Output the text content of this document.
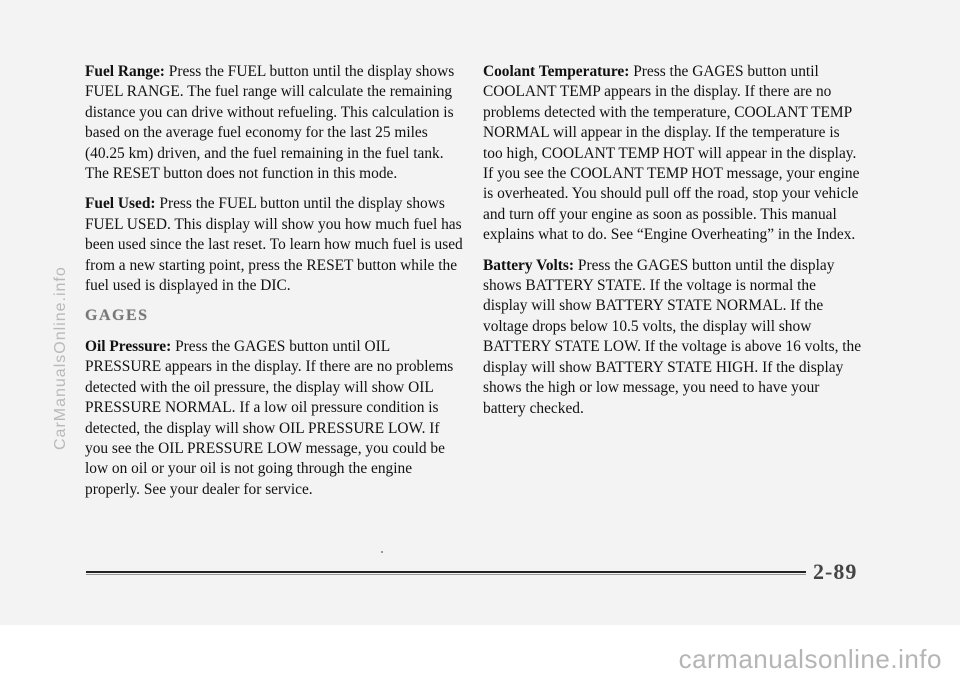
Fuel Range: Press the FUEL button until the display shows FUEL RANGE. The fuel range will calculate the remaining distance you can drive without refueling. This calculation is based on the average fuel economy for the last 25 miles (40.25 km) driven, and the fuel remaining in the fuel tank. The RESET button does not function in this mode.

Fuel Used: Press the FUEL button until the display shows FUEL USED. This display will show you how much fuel has been used since the last reset. To learn how much fuel is used from a new starting point, press the RESET button while the fuel used is displayed in the DIC.

GAGES

Oil Pressure: Press the GAGES button until OIL PRESSURE appears in the display. If there are no problems detected with the oil pressure, the display will show OIL PRESSURE NORMAL. If a low oil pressure condition is detected, the display will show OIL PRESSURE LOW. If you see the OIL PRESSURE LOW message, you could be low on oil or your oil is not going through the engine properly. See your dealer for service.

Coolant Temperature: Press the GAGES button until COOLANT TEMP appears in the display. If there are no problems detected with the temperature, COOLANT TEMP NORMAL will appear in the display. If the temperature is too high, COOLANT TEMP HOT will appear in the display. If you see the COOLANT TEMP HOT message, your engine is overheated. You should pull off the road, stop your vehicle and turn off your engine as soon as possible. This manual explains what to do. See “Engine Overheating” in the Index.

Battery Volts: Press the GAGES button until the display shows BATTERY STATE. If the voltage is normal the display will show BATTERY STATE NORMAL. If the voltage drops below 10.5 volts, the display will show BATTERY STATE LOW. If the voltage is above 16 volts, the display will show BATTERY STATE HIGH. If the display shows the high or low message, you need to have your battery checked.

2-89
CarManualsOnline.info
carmanualsonline.info
